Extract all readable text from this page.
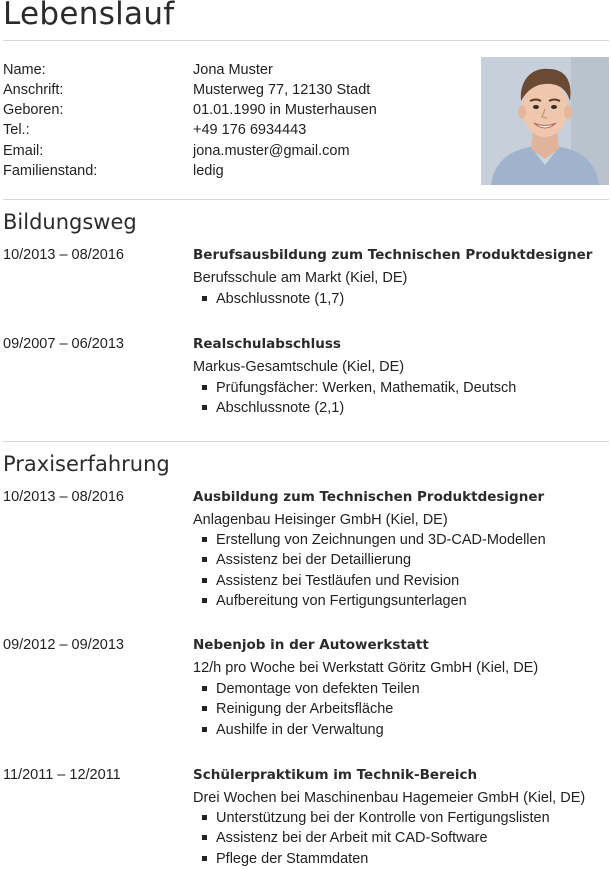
Lebenslauf
Name:	Jona Muster
Anschrift:	Musterweg 77, 12130 Stadt
Geboren:	01.01.1990 in Musterhausen
Tel.:	+49 176 6934443
Email:	jona.muster@gmail.com
Familienstand:	ledig
Bildungsweg
10/2013 – 08/2016	Berufsausbildung zum Technischen Produktdesigner
Berufsschule am Markt (Kiel, DE)
Abschlussnote (1,7)
09/2007 – 06/2013	Realschulabschluss
Markus-Gesamtschule (Kiel, DE)
Prüfungsfächer: Werken, Mathematik, Deutsch
Abschlussnote (2,1)
Praxiserfahrung
10/2013 – 08/2016	Ausbildung zum Technischen Produktdesigner
Anlagenbau Heisinger GmbH (Kiel, DE)
Erstellung von Zeichnungen und 3D-CAD-Modellen
Assistenz bei der Detaillierung
Assistenz bei Testläufen und Revision
Aufbereitung von Fertigungsunterlagen
09/2012 – 09/2013	Nebenjob in der Autowerkstatt
12/h pro Woche bei Werkstatt Göritz GmbH (Kiel, DE)
Demontage von defekten Teilen
Reinigung der Arbeitsfläche
Aushilfe in der Verwaltung
11/2011 – 12/2011	Schülerpraktikum im Technik-Bereich
Drei Wochen bei Maschinenbau Hagemeier GmbH (Kiel, DE)
Unterstützung bei der Kontrolle von Fertigungslisten
Assistenz bei der Arbeit mit CAD-Software
Pflege der Stammdaten
